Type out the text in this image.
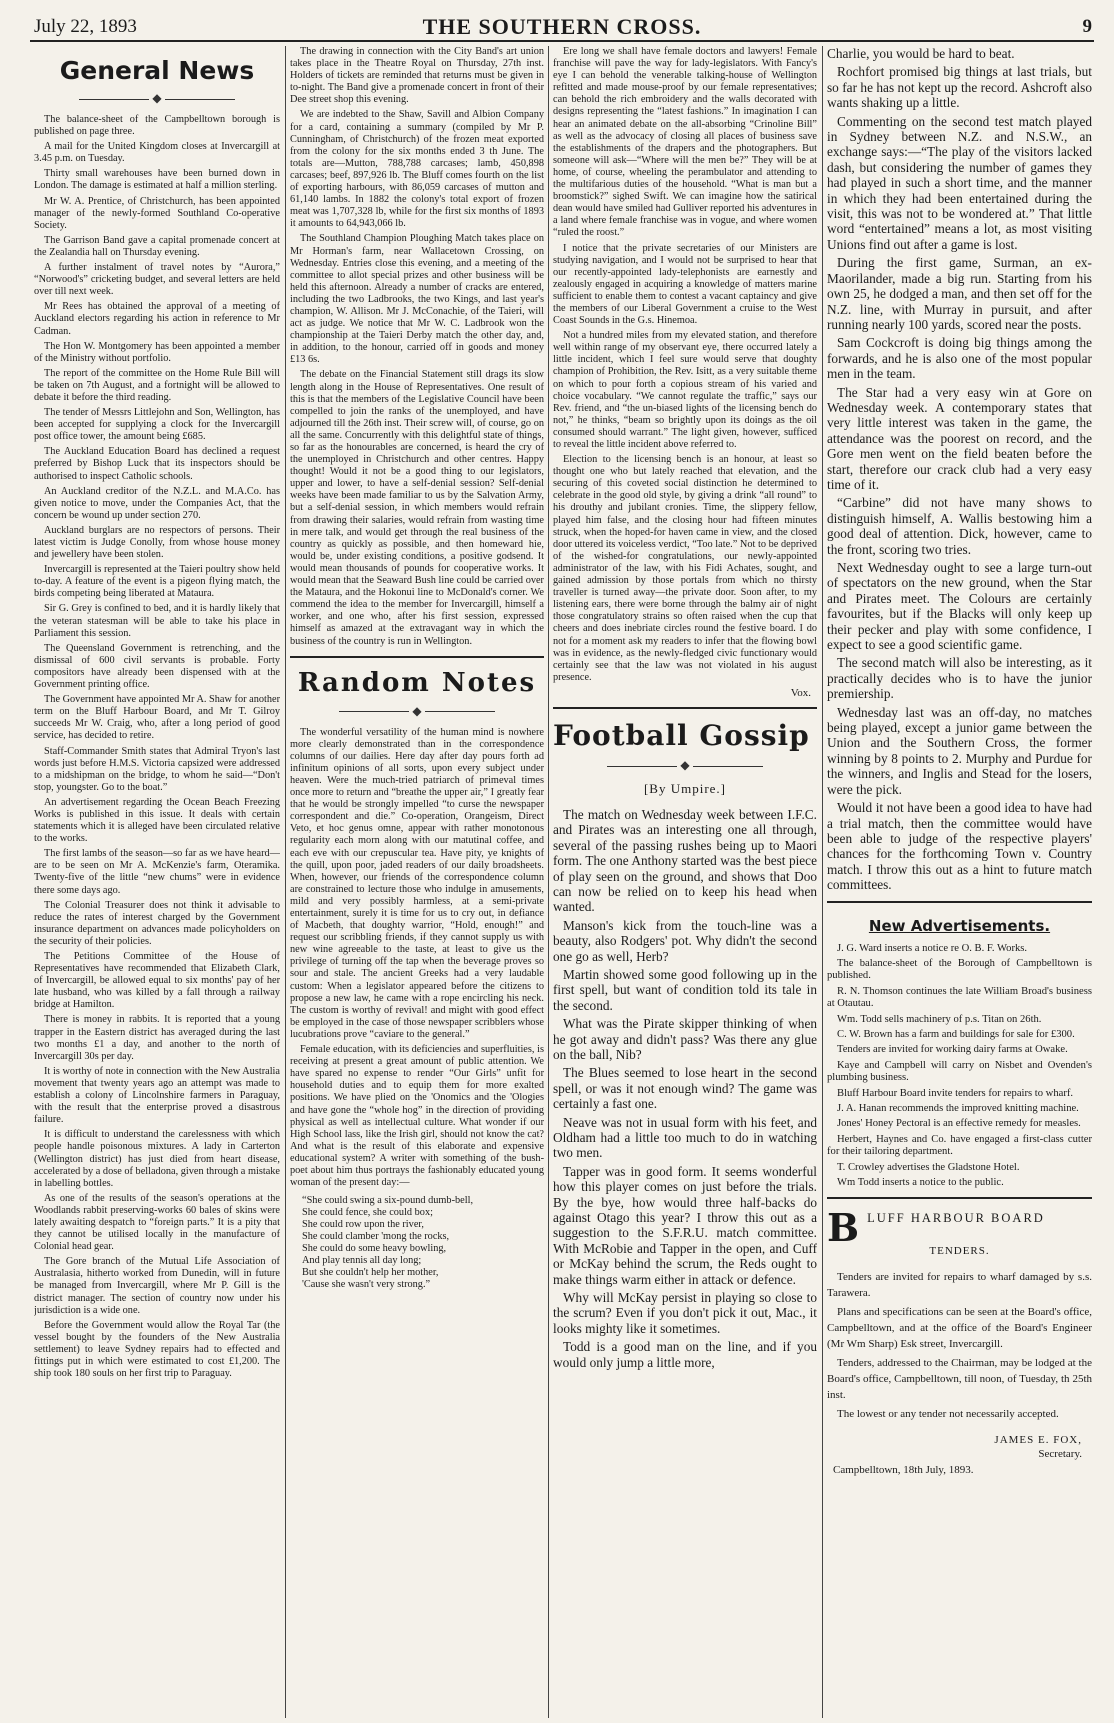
July 22, 1893	THE SOUTHERN CROSS.	9
General News
◆

The balance-sheet of the Campbelltown borough is published on page three.

A mail for the United Kingdom closes at Invercargill at 3.45 p.m. on Tuesday.

Thirty small warehouses have been burned down in London. The damage is estimated at half a million sterling.

Mr W. A. Prentice, of Christchurch, has been appointed manager of the newly-formed Southland Co-operative Society.

The Garrison Band gave a capital promenade concert at the Zealandia hall on Thursday evening.

A further instalment of travel notes by “Aurora,” “Norwood's” cricketing budget, and several letters are held over till next week.

Mr Rees has obtained the approval of a meeting of Auckland electors regarding his action in reference to Mr Cadman.

The Hon W. Montgomery has been appointed a member of the Ministry without portfolio.

The report of the committee on the Home Rule Bill will be taken on 7th August, and a fortnight will be allowed to debate it before the third reading.

The tender of Messrs Littlejohn and Son, Wellington, has been accepted for supplying a clock for the Invercargill post office tower, the amount being £685.

The Auckland Education Board has declined a request preferred by Bishop Luck that its inspectors should be authorised to inspect Catholic schools.

An Auckland creditor of the N.Z.L. and M.A.Co. has given notice to move, under the Companies Act, that the concern be wound up under section 270.

Auckland burglars are no respectors of persons. Their latest victim is Judge Conolly, from whose house money and jewellery have been stolen.

Invercargill is represented at the Taieri poultry show held to-day. A feature of the event is a pigeon flying match, the birds competing being liberated at Mataura.

Sir G. Grey is confined to bed, and it is hardly likely that the veteran statesman will be able to take his place in Parliament this session.

The Queensland Government is retrenching, and the dismissal of 600 civil servants is probable. Forty compositors have already been dispensed with at the Government printing office.

The Government have appointed Mr A. Shaw for another term on the Bluff Harbour Board, and Mr T. Gilroy succeeds Mr W. Craig, who, after a long period of good service, has decided to retire.

Staff-Commander Smith states that Admiral Tryon's last words just before H.M.S. Victoria capsized were addressed to a midshipman on the bridge, to whom he said—“Don't stop, youngster. Go to the boat.”

An advertisement regarding the Ocean Beach Freezing Works is published in this issue. It deals with certain statements which it is alleged have been circulated relative to the works.

The first lambs of the season—so far as we have heard—are to be seen on Mr A. McKenzie's farm, Oteramika. Twenty-five of the little “new chums” were in evidence there some days ago.

The Colonial Treasurer does not think it advisable to reduce the rates of interest charged by the Government insurance department on advances made policyholders on the security of their policies.

The Petitions Committee of the House of Representatives have recommended that Elizabeth Clark, of Invercargill, be allowed equal to six months' pay of her late husband, who was killed by a fall through a railway bridge at Hamilton.

There is money in rabbits. It is reported that a young trapper in the Eastern district has averaged during the last two months £1 a day, and another to the north of Invercargill 30s per day.

It is worthy of note in connection with the New Australia movement that twenty years ago an attempt was made to establish a colony of Lincolnshire farmers in Paraguay, with the result that the enterprise proved a disastrous failure.

It is difficult to understand the carelessness with which people handle poisonous mixtures. A lady in Carterton (Wellington district) has just died from heart disease, accelerated by a dose of belladona, given through a mistake in labelling bottles.

As one of the results of the season's operations at the Woodlands rabbit preserving-works 60 bales of skins were lately awaiting despatch to “foreign parts.” It is a pity that they cannot be utilised locally in the manufacture of Colonial head gear.

The Gore branch of the Mutual Life Association of Australasia, hitherto worked from Dunedin, will in future be managed from Invercargill, where Mr P. Gill is the district manager. The section of country now under his jurisdiction is a wide one.

Before the Government would allow the Royal Tar (the vessel bought by the founders of the New Australia settlement) to leave Sydney repairs had to effected and fittings put in which were estimated to cost £1,200. The ship took 180 souls on her first trip to Paraguay.

The drawing in connection with the City Band's art union takes place in the Theatre Royal on Thursday, 27th inst. Holders of tickets are reminded that returns must be given in to-night. The Band give a promenade concert in front of their Dee street shop this evening.

We are indebted to the Shaw, Savill and Albion Company for a card, containing a summary (compiled by Mr P. Cunningham, of Christchurch) of the frozen meat exported from the colony for the six months ended 3 th June. The totals are—Mutton, 788,788 carcases; lamb, 450,898 carcases; beef, 897,926 lb. The Bluff comes fourth on the list of exporting harbours, with 86,059 carcases of mutton and 61,140 lambs. In 1882 the colony's total export of frozen meat was 1,707,328 lb, while for the first six months of 1893 it amounts to 64,943,066 lb.

The Southland Champion Ploughing Match takes place on Mr Horman's farm, near Wallacetown Crossing, on Wednesday. Entries close this evening, and a meeting of the committee to allot special prizes and other business will be held this afternoon. Already a number of cracks are entered, including the two Ladbrooks, the two Kings, and last year's champion, W. Allison. Mr J. McConachie, of the Taieri, will act as judge. We notice that Mr W. C. Ladbrook won the championship at the Taieri Derby match the other day, and, in addition, to the honour, carried off in goods and money £13 6s.

The debate on the Financial Statement still drags its slow length along in the House of Representatives. One result of this is that the members of the Legislative Council have been compelled to join the ranks of the unemployed, and have adjourned till the 26th inst. Their screw will, of course, go on all the same. Concurrently with this delightful state of things, so far as the honourables are concerned, is heard the cry of the unemployed in Christchurch and other centres. Happy thought! Would it not be a good thing to our legislators, upper and lower, to have a self-denial session? Self-denial weeks have been made familiar to us by the Salvation Army, but a self-denial session, in which members would refrain from drawing their salaries, would refrain from wasting time in mere talk, and would get through the real business of the country as quickly as possible, and then homeward hie, would be, under existing conditions, a positive godsend. It would mean thousands of pounds for cooperative works. It would mean that the Seaward Bush line could be carried over the Mataura, and the Hokonui line to McDonald's corner. We commend the idea to the member for Invercargill, himself a worker, and one who, after his first session, expressed himself as amazed at the extravagant way in which the business of the country is run in Wellington.

Random Notes
◆

The wonderful versatility of the human mind is nowhere more clearly demonstrated than in the correspondence columns of our dailies. Here day after day pours forth ad infinitum opinions of all sorts, upon every subject under heaven. Were the much-tried patriarch of primeval times once more to return and “breathe the upper air,” I greatly fear that he would be strongly impelled “to curse the newspaper correspondent and die.” Co-operation, Orangeism, Direct Veto, et hoc genus omne, appear with rather monotonous regularity each morn along with our matutinal coffee, and each eve with our crepuscular tea. Have pity, ye knights of the quill, upon poor, jaded readers of our daily broadsheets. When, however, our friends of the correspondence column are constrained to lecture those who indulge in amusements, mild and very possibly harmless, at a semi-private entertainment, surely it is time for us to cry out, in defiance of Macbeth, that doughty warrior, “Hold, enough!” and request our scribbling friends, if they cannot supply us with new wine agreeable to the taste, at least to give us the privilege of turning off the tap when the beverage proves so sour and stale. The ancient Greeks had a very laudable custom: When a legislator appeared before the citizens to propose a new law, he came with a rope encircling his neck. The custom is worthy of revival! and might with good effect be employed in the case of those newspaper scribblers whose lucubrations prove “caviare to the general.”

Female education, with its deficiencies and superfluities, is receiving at present a great amount of public attention. We have spared no expense to render “Our Girls” unfit for household duties and to equip them for more exalted positions. We have plied on the 'Onomics and the 'Ologies and have gone the “whole hog” in the direction of providing physical as well as intellectual culture. What wonder if our High School lass, like the Irish girl, should not know the cat? And what is the result of this elaborate and expensive educational system? A writer with something of the bush-poet about him thus portrays the fashionably educated young woman of the present day:—

“She could swing a six-pound dumb-bell,
She could fence, she could box;
She could row upon the river,
She could clamber 'mong the rocks,
She could do some heavy bowling,
And play tennis all day long;
But she couldn't help her mother,
'Cause she wasn't very strong.”

Ere long we shall have female doctors and lawyers! Female franchise will pave the way for lady-legislators. With Fancy's eye I can behold the venerable talking-house of Wellington refitted and made mouse-proof by our female representatives; can behold the rich embroidery and the walls decorated with designs representing the “latest fashions.” In imagination I can hear an animated debate on the all-absorbing “Crinoline Bill” as well as the advocacy of closing all places of business save the establishments of the drapers and the photographers. But someone will ask—“Where will the men be?” They will be at home, of course, wheeling the perambulator and attending to the multifarious duties of the household. “What is man but a broomstick?” sighed Swift. We can imagine how the satirical dean would have smiled had Gulliver reported his adventures in a land where female franchise was in vogue, and where women “ruled the roost.”

I notice that the private secretaries of our Ministers are studying navigation, and I would not be surprised to hear that our recently-appointed lady-telephonists are earnestly and zealously engaged in acquiring a knowledge of matters marine sufficient to enable them to contest a vacant captaincy and give the members of our Liberal Government a cruise to the West Coast Sounds in the G.s. Hinemoa.

Not a hundred miles from my elevated station, and therefore well within range of my observant eye, there occurred lately a little incident, which I feel sure would serve that doughty champion of Prohibition, the Rev. Isitt, as a very suitable theme on which to pour forth a copious stream of his varied and choice vocabulary. “We cannot regulate the traffic,” says our Rev. friend, and “the un-biased lights of the licensing bench do not,” he thinks, “beam so brightly upon its doings as the oil consumed should warrant.” The light given, however, sufficed to reveal the little incident above referred to.

Election to the licensing bench is an honour, at least so thought one who but lately reached that elevation, and the securing of this coveted social distinction he determined to celebrate in the good old style, by giving a drink “all round” to his drouthy and jubilant cronies. Time, the slippery fellow, played him false, and the closing hour had fifteen minutes struck, when the hoped-for haven came in view, and the closed door uttered its voiceless verdict, “Too late.” Not to be deprived of the wished-for congratulations, our newly-appointed administrator of the law, with his Fidi Achates, sought, and gained admission by those portals from which no thirsty traveller is turned away—the private door. Soon after, to my listening ears, there were borne through the balmy air of night those congratulatory strains so often raised when the cup that cheers and does inebriate circles round the festive board. I do not for a moment ask my readers to infer that the flowing bowl was in evidence, as the newly-fledged civic functionary would certainly see that the law was not violated in his august presence.

Vox.
Football Gossip
◆
[By Umpire.]

The match on Wednesday week between I.F.C. and Pirates was an interesting one all through, several of the passing rushes being up to Maori form. The one Anthony started was the best piece of play seen on the ground, and shows that Doo can now be relied on to keep his head when wanted.

Manson's kick from the touch-line was a beauty, also Rodgers' pot. Why didn't the second one go as well, Herb?

Martin showed some good following up in the first spell, but want of condition told its tale in the second.

What was the Pirate skipper thinking of when he got away and didn't pass? Was there any glue on the ball, Nib?

The Blues seemed to lose heart in the second spell, or was it not enough wind? The game was certainly a fast one.

Neave was not in usual form with his feet, and Oldham had a little too much to do in watching two men.

Tapper was in good form. It seems wonderful how this player comes on just before the trials. By the bye, how would three half-backs do against Otago this year? I throw this out as a suggestion to the S.F.R.U. match committee. With McRobie and Tapper in the open, and Cuff or McKay behind the scrum, the Reds ought to make things warm either in attack or defence.

Why will McKay persist in playing so close to the scrum? Even if you don't pick it out, Mac., it looks mighty like it sometimes.

Todd is a good man on the line, and if you would only jump a little more,

Charlie, you would be hard to beat.

Rochfort promised big things at last trials, but so far he has not kept up the record. Ashcroft also wants shaking up a little.

Commenting on the second test match played in Sydney between N.Z. and N.S.W., an exchange says:—“The play of the visitors lacked dash, but considering the number of games they had played in such a short time, and the manner in which they had been entertained during the visit, this was not to be wondered at.” That little word “entertained” means a lot, as most visiting Unions find out after a game is lost.

During the first game, Surman, an ex-Maorilander, made a big run. Starting from his own 25, he dodged a man, and then set off for the N.Z. line, with Murray in pursuit, and after running nearly 100 yards, scored near the posts.

Sam Cockcroft is doing big things among the forwards, and he is also one of the most popular men in the team.

The Star had a very easy win at Gore on Wednesday week. A contemporary states that very little interest was taken in the game, the attendance was the poorest on record, and the Gore men went on the field beaten before the start, therefore our crack club had a very easy time of it.

“Carbine” did not have many shows to distinguish himself, A. Wallis bestowing him a good deal of attention. Dick, however, came to the front, scoring two tries.

Next Wednesday ought to see a large turn-out of spectators on the new ground, when the Star and Pirates meet. The Colours are certainly favourites, but if the Blacks will only keep up their pecker and play with some confidence, I expect to see a good scientific game.

The second match will also be interesting, as it practically decides who is to have the junior premiership.

Wednesday last was an off-day, no matches being played, except a junior game between the Union and the Southern Cross, the former winning by 8 points to 2. Murphy and Purdue for the winners, and Inglis and Stead for the losers, were the pick.

Would it not have been a good idea to have had a trial match, then the committee would have been able to judge of the respective players' chances for the forthcoming Town v. Country match. I throw this out as a hint to future match committees.

New Advertisements.

J. G. Ward inserts a notice re O. B. F. Works.

The balance-sheet of the Borough of Campbelltown is published.

R. N. Thomson continues the late William Broad's business at Otautau.

Wm. Todd sells machinery of p.s. Titan on 26th.

C. W. Brown has a farm and buildings for sale for £300.

Tenders are invited for working dairy farms at Owake.

Kaye and Campbell will carry on Nisbet and Ovenden's plumbing business.

Bluff Harbour Board invite tenders for repairs to wharf.

J. A. Hanan recommends the improved knitting machine.

Jones' Honey Pectoral is an effective remedy for measles.

Herbert, Haynes and Co. have engaged a first-class cutter for their tailoring department.

T. Crowley advertises the Gladstone Hotel.

Wm Todd inserts a notice to the public.

B LUFF HARBOUR BOARD
TENDERS.

Tenders are invited for repairs to wharf damaged by s.s. Tarawera.

Plans and specifications can be seen at the Board's office, Campbelltown, and at the office of the Board's Engineer (Mr Wm Sharp) Esk street, Invercargill.

Tenders, addressed to the Chairman, may be lodged at the Board's office, Campbelltown, till noon, of Tuesday, th 25th inst.

The lowest or any tender not necessarily accepted.

JAMES E. FOX,
Secretary.
Campbelltown, 18th July, 1893.
